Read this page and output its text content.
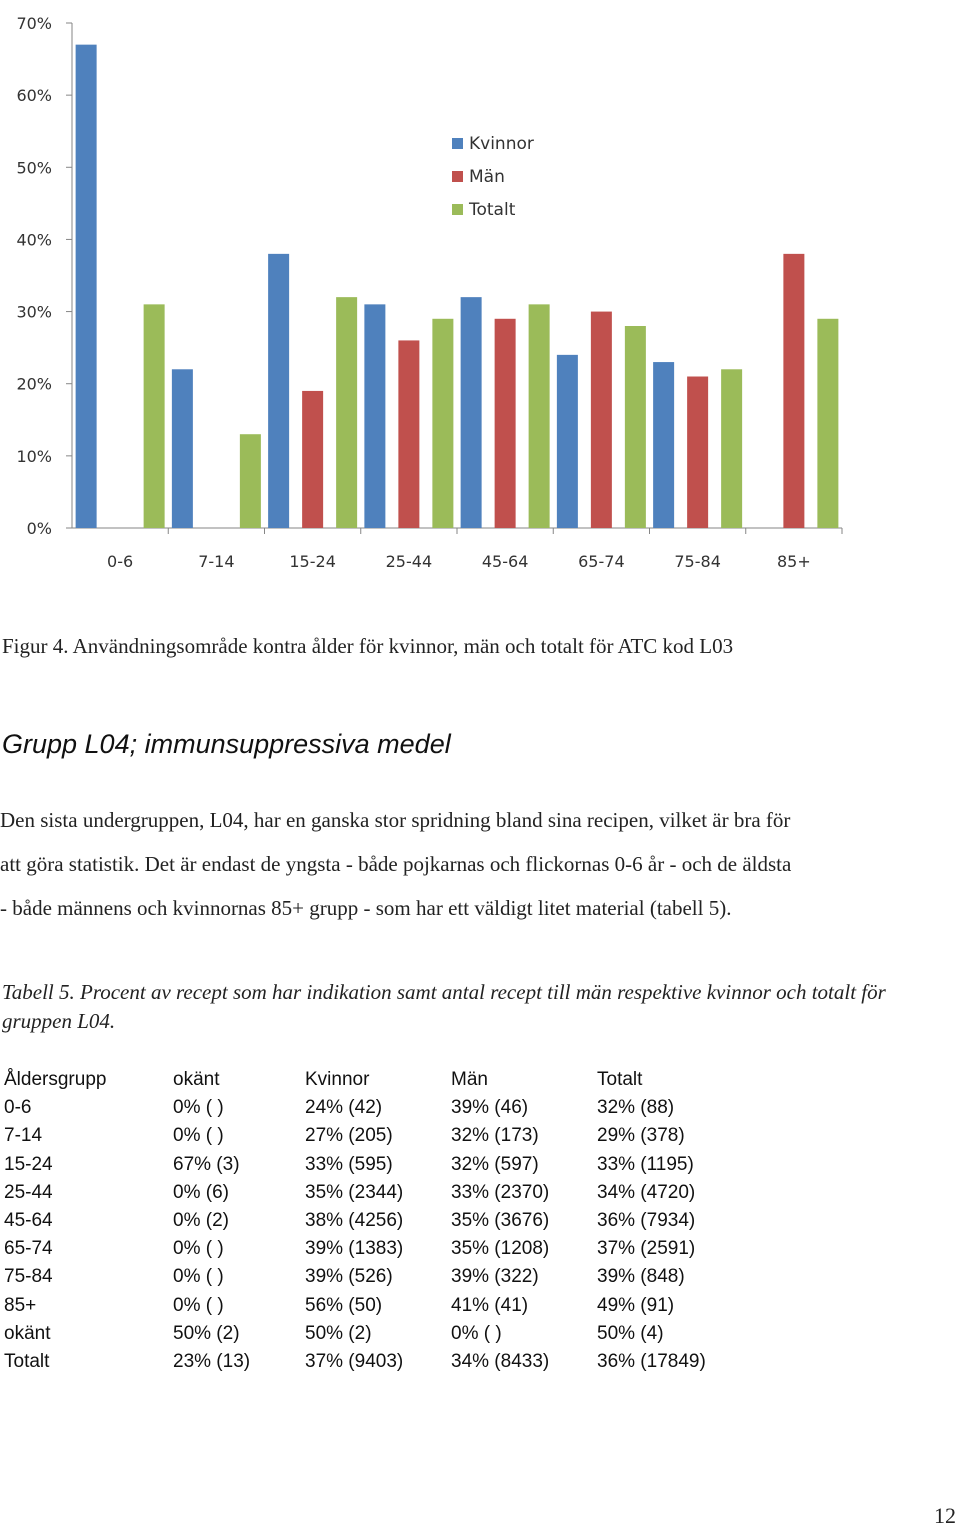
0%
10%
20%
30%
40%
50%
60%
70%
0-6	7-14	15-24	25-44	45-64	65-74	75-84	85+
Kvinnor
Män
Totalt
Figur 4. Användningsområde kontra ålder för kvinnor, män och totalt för ATC kod L03
Grupp L04; immunsuppressiva medel
Den sista undergruppen, L04, har en ganska stor spridning bland sina recipen, vilket är bra för
att göra statistik. Det är endast de yngsta - både pojkarnas och flickornas 0-6 år - och de äldsta
- både männens och kvinnornas 85+ grupp - som har ett väldigt litet material (tabell 5).
Tabell 5. Procent av recept som har indikation samt antal recept till män respektive kvinnor och totalt för gruppen L04.
Åldersgrupp	okänt	Kvinnor	Män	Totalt
0-6	0% ( )	24% (42)	39% (46)	32% (88)
7-14	0% ( )	27% (205)	32% (173)	29% (378)
15-24	67% (3)	33% (595)	32% (597)	33% (1195)
25-44	0% (6)	35% (2344)	33% (2370)	34% (4720)
45-64	0% (2)	38% (4256)	35% (3676)	36% (7934)
65-74	0% ( )	39% (1383)	35% (1208)	37% (2591)
75-84	0% ( )	39% (526)	39% (322)	39% (848)
85+	0% ( )	56% (50)	41% (41)	49% (91)
okänt	50% (2)	50% (2)	0% ( )	50% (4)
Totalt	23% (13)	37% (9403)	34% (8433)	36% (17849)
12
